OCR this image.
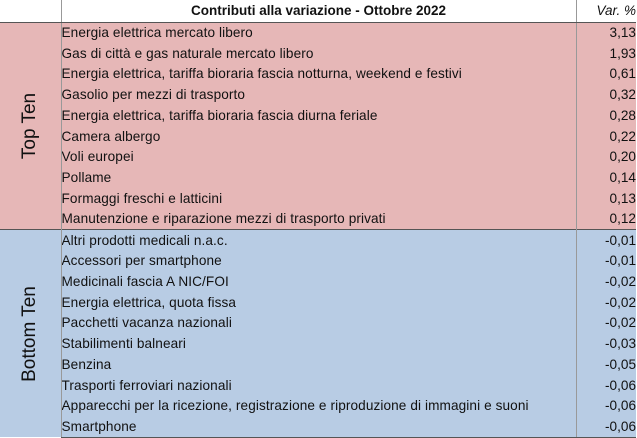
	Contributi alla variazione - Ottobre 2022	Var. %

Top Ten	Energia elettrica mercato libero	3,13
	Gas di città e gas naturale mercato libero	1,93
	Energia elettrica, tariffa bioraria fascia notturna, weekend e festivi	0,61
	Gasolio per mezzi di trasporto	0,32
	Energia elettrica, tariffa bioraria fascia diurna feriale	0,28
	Camera albergo	0,22
	Voli europei	0,20
	Pollame	0,14
	Formaggi freschi e latticini	0,13
	Manutenzione e riparazione mezzi di trasporto privati	0,12

Bottom Ten	Altri prodotti medicali n.a.c.	-0,01
	Accessori per smartphone	-0,01
	Medicinali fascia A NIC/FOI	-0,02
	Energia elettrica, quota fissa	-0,02
	Pacchetti vacanza nazionali	-0,02
	Stabilimenti balneari	-0,03
	Benzina	-0,05
	Trasporti ferroviari nazionali	-0,06
	Apparecchi per la ricezione, registrazione e riproduzione di immagini e suoni	-0,06
	Smartphone	-0,06
